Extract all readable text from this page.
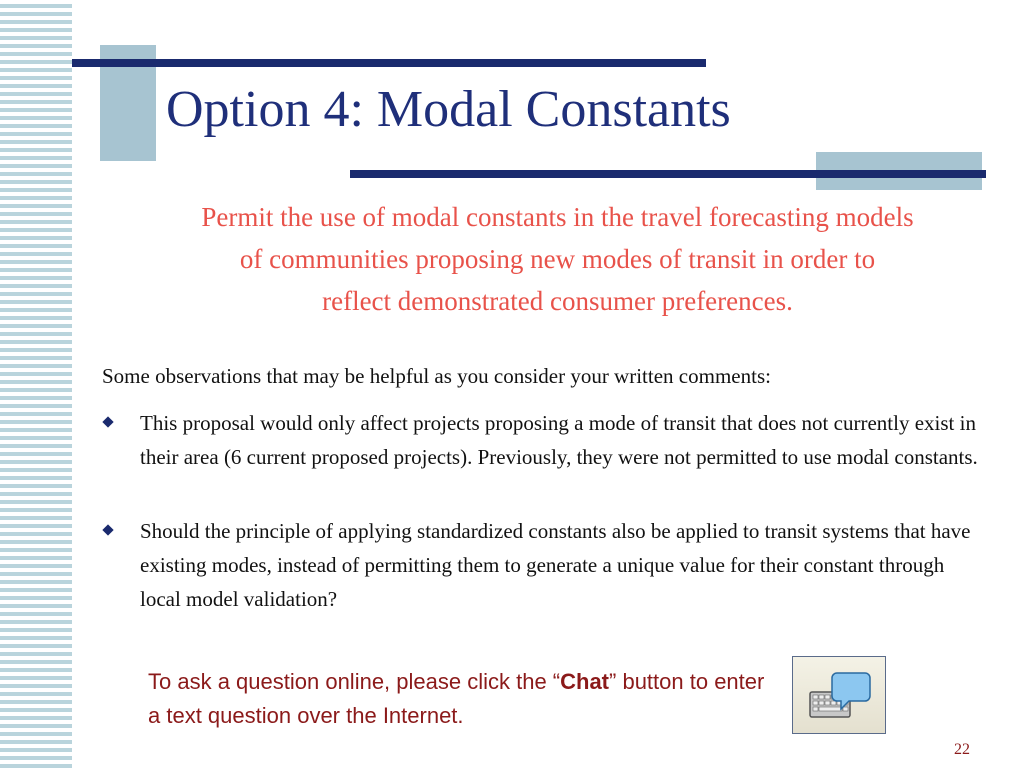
Option 4: Modal Constants
Permit the use of modal constants in the travel forecasting models
of communities proposing new modes of transit in order to
reflect demonstrated consumer preferences.
Some observations that may be helpful as you consider your written comments:
This proposal would only affect projects proposing a mode of transit that does not currently exist in their area (6 current proposed projects). Previously, they were not permitted to use modal constants.
Should the principle of applying standardized constants also be applied to transit systems that have existing modes, instead of permitting them to generate a unique value for their constant through local model validation?
To ask a question online, please click the “Chat” button to enter a text question over the Internet.
22
